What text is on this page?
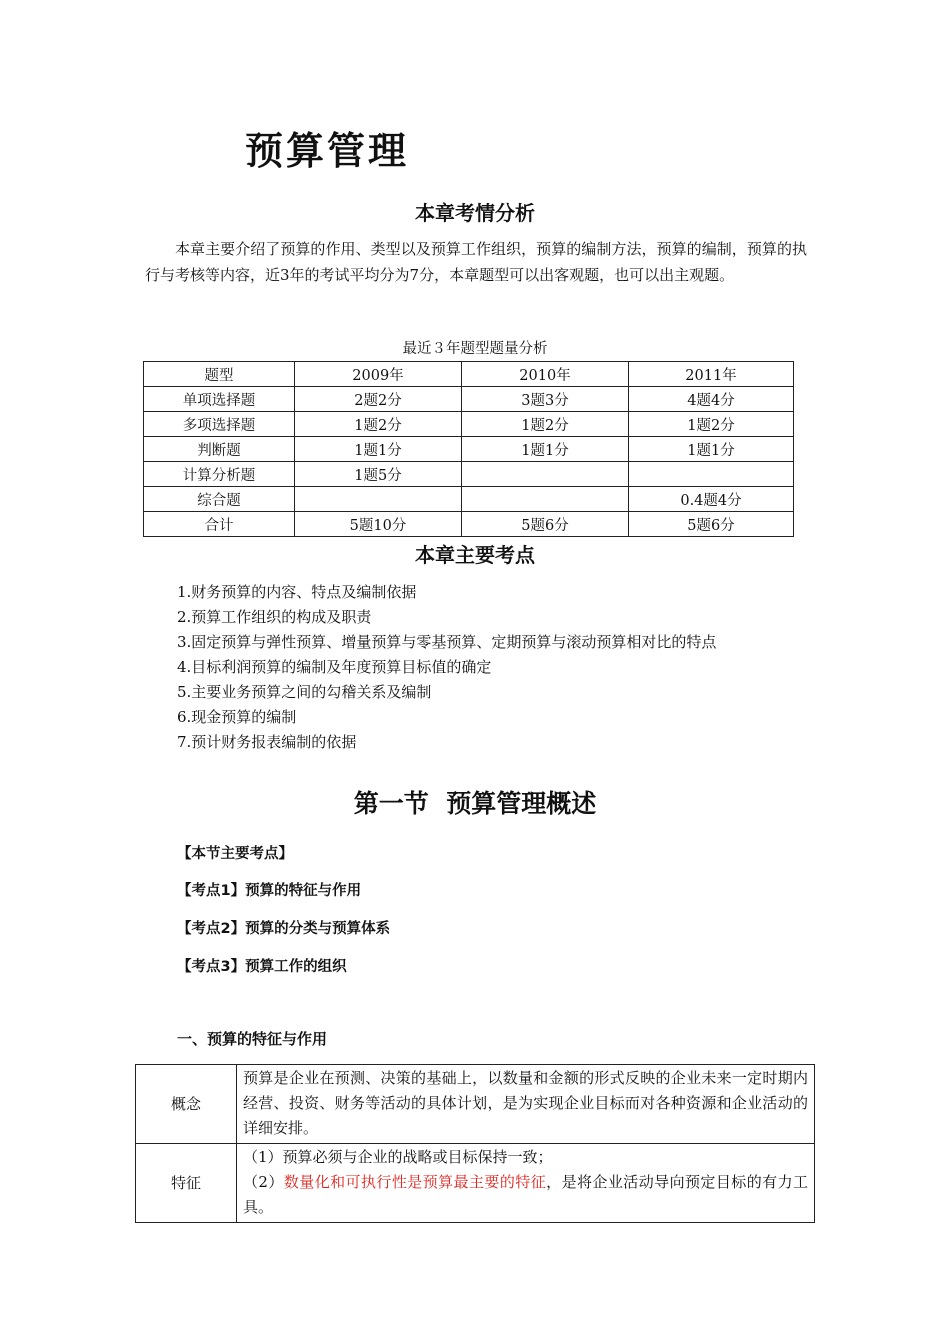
预算管理
本章考情分析
本章主要介绍了预算的作用、类型以及预算工作组织，预算的编制方法，预算的编制，预算的执行与考核等内容，近3年的考试平均分为7分，本章题型可以出客观题，也可以出主观题。
最近３年题型题量分析
题型	2009年	2010年	2011年
单项选择题	2题2分	3题3分	4题4分
多项选择题	1题2分	1题2分	1题2分
判断题	1题1分	1题1分	1题1分
计算分析题	1题5分		
综合题			0.4题4分
合计	5题10分	5题6分	5题6分
本章主要考点
1.财务预算的内容、特点及编制依据
2.预算工作组织的构成及职责
3.固定预算与弹性预算、增量预算与零基预算、定期预算与滚动预算相对比的特点
4.目标利润预算的编制及年度预算目标值的确定
5.主要业务预算之间的勾稽关系及编制
6.现金预算的编制
7.预计财务报表编制的依据
第一节  预算管理概述
【本节主要考点】
【考点1】预算的特征与作用
【考点2】预算的分类与预算体系
【考点3】预算工作的组织
一、预算的特征与作用
概念	预算是企业在预测、决策的基础上，以数量和金额的形式反映的企业未来一定时期内经营、投资、财务等活动的具体计划，是为实现企业目标而对各种资源和企业活动的详细安排。
特征	（1）预算必须与企业的战略或目标保持一致；
（2）数量化和可执行性是预算最主要的特征，是将企业活动导向预定目标的有力工具。
